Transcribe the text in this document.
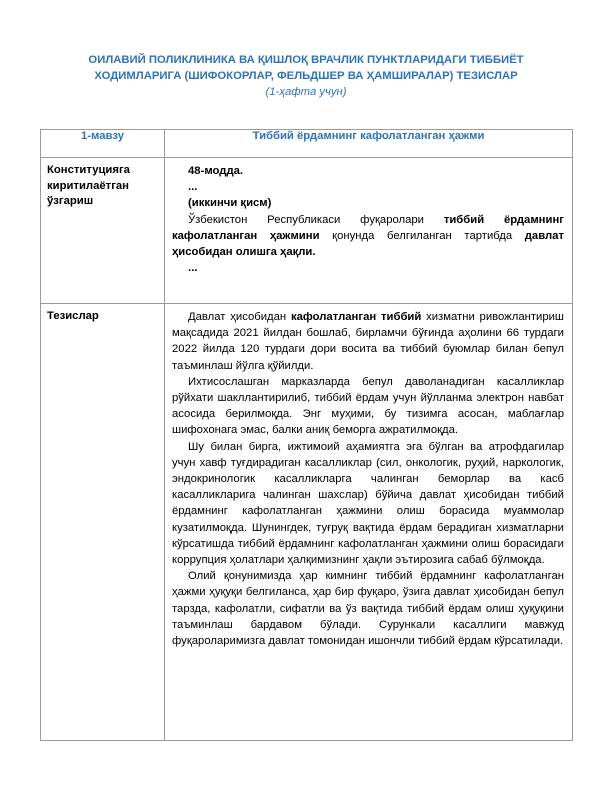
ОИЛАВИЙ ПОЛИКЛИНИКА ВА ҚИШЛОҚ ВРАЧЛИК ПУНКТЛАРИДАГИ ТИББИЁТ
ХОДИМЛАРИГА (ШИФОКОРЛАР, ФЕЛЬДШЕР ВА ҲАМШИРАЛАР) ТЕЗИСЛАР
(1-ҳафта учун)
1-мавзу	Тиббий ёрдамнинг кафолатланган ҳажми
Конституцияга киритилаётган ўзгариш	48-модда.

...

(иккинчи қисм)

Ўзбекистон Республикаси фуқаролари тиббий ёрдамнинг кафолатланган ҳажмини қонунда белгиланган тартибда давлат ҳисобидан олишга ҳақли.

...

Тезислар	Давлат ҳисобидан кафолатланган тиббий хизматни ривожлантириш мақсадида 2021 йилдан бошлаб, бирламчи бўғинда аҳолини 66 турдаги 2022 йилда 120 турдаги дори восита ва тиббий буюмлар билан бепул таъминлаш йўлга қўйилди.

Ихтисослашган марказларда бепул даволанадиган касалликлар рўйхати шакллантирилиб, тиббий ёрдам учун йўлланма электрон навбат асосида берилмоқда. Энг муҳими, бу тизимга асосан, маблағлар шифохонага эмас, балки аниқ беморга ажратилмоқда.

Шу билан бирга, ижтимоий аҳамиятга эга бўлган ва атрофдагилар учун хавф туғдирадиган касалликлар (сил, онкологик, руҳий, наркологик, эндокринологик касалликларга чалинган беморлар ва касб касалликларига чалинган шахслар) бўйича давлат ҳисобидан тиббий ёрдамнинг кафолатланган ҳажмини олиш борасида муаммолар кузатилмоқда. Шунингдек, туғруқ вақтида ёрдам берадиган хизматларни кўрсатишда тиббий ёрдамнинг кафолатланган ҳажмини олиш борасидаги коррупция ҳолатлари ҳалқимизнинг ҳақли эътирозига сабаб бўлмоқда.

Олий қонунимизда ҳар кимнинг тиббий ёрдамнинг кафолатланган ҳажми ҳуқуқи белгиланса, ҳар бир фуқаро, ўзига давлат ҳисобидан бепул тарзда, кафолатли, сифатли ва ўз вақтида тиббий ёрдам олиш ҳуқуқини таъминлаш бардавом бўлади. Сурункали касаллиги мавжуд фуқароларимизга давлат томонидан ишончли тиббий ёрдам кўрсатилади.
